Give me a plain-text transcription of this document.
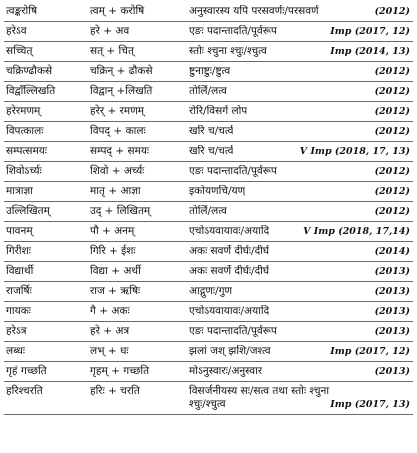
त्वङ्करोषि	त्वम् + करोषि	अनुस्वारस्य यपि परसवर्णः/परसवर्ण (2012)

हरेऽव	हरे + अव	एङः पदान्तादति/पूर्वरूप Imp (2017, 12)

सच्चित्	सत् + चित्	स्तोः श्चुना श्चुः/श्चुत्व Imp (2014, 13)

चक्रिण्ढौकसे	चक्रिन् + ढौकसे	ष्टुनाष्टुः/ष्टुत्व (2012)

विद्वाँल्लिखति	विद्वान् +लिखति	तोर्लि/लत्व (2012)

हरेरमणम्	हरेर् + रमणम्	रोरि/विसर्ग लोप (2012)

विपत्कालः	विपद् + कालः	खरि च/चर्त्व (2012)

सम्पत्समयः	सम्पद् + समयः	खरि च/चर्त्व V Imp (2018, 17, 13)

शिवोऽर्च्यः	शिवो + अर्च्यः	एङः पदान्तादति/पूर्वरूप (2012)

मात्राज्ञा	मातृ + आज्ञा	इकोयणचि/यण् (2012)

उल्लिखितम्	उद् + लिखितम्	तोर्लि/लत्व (2012)

पावनम्	पौ + अनम्	एचोऽयवायावः/अयादि V Imp (2018, 17,14)

गिरीशः	गिरि + ईशः	अकः सवर्णे दीर्घः/दीर्घ (2014)

विद्यार्थी	विद्या + अर्थी	अकः सवर्णे दीर्घः/दीर्घ (2013)

राजर्षिः	राज + ऋषिः	आद्गुणः/गुण (2013)

गायकः	गै + अकः	एचोऽयवायावः/अयादि (2013)

हरेऽत्र	हरे + अत्र	एङः पदान्तादति/पूर्वरूप (2013)

लब्धः	लभ् + धः	झलां जश् झशि/जश्त्व Imp (2017, 12)

गृहं गच्छति	गृहम् + गच्छति	मोऽनुस्वारः/अनुस्वार (2013)

हरिश्चरति	हरिः + चरति	विसर्जनीयस्य सः/सत्व तथा स्तोः श्चुना
श्चुः/श्चुत्व Imp (2017, 13)
